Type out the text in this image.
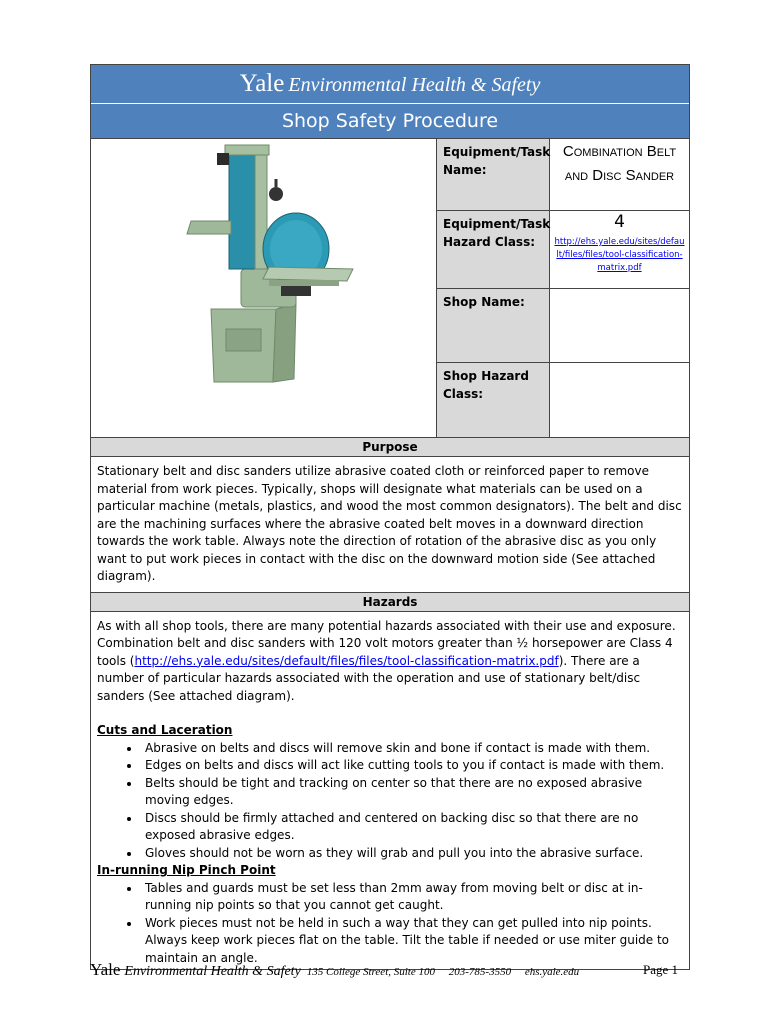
Yale Environmental Health & Safety
Shop Safety Procedure
Equipment/Task Name:
Equipment/Task Hazard Class:
Shop Name:
Shop Hazard Class:
Combination Belt and Disc Sander
4
http://ehs.yale.edu/sites/default/files/files/tool-classification-matrix.pdf
Purpose
Stationary belt and disc sanders utilize abrasive coated cloth or reinforced paper to remove material from work pieces. Typically, shops will designate what materials can be used on a particular machine (metals, plastics, and wood the most common designators). The belt and disc are the machining surfaces where the abrasive coated belt moves in a downward direction towards the work table. Always note the direction of rotation of the abrasive disc as you only want to put work pieces in contact with the disc on the downward motion side (See attached diagram).
Hazards
As with all shop tools, there are many potential hazards associated with their use and exposure. Combination belt and disc sanders with 120 volt motors greater than ½ horsepower are Class 4 tools (http://ehs.yale.edu/sites/default/files/files/tool-classification-matrix.pdf). There are a number of particular hazards associated with the operation and use of stationary belt/disc sanders (See attached diagram).
Cuts and Laceration
• Abrasive on belts and discs will remove skin and bone if contact is made with them.
• Edges on belts and discs will act like cutting tools to you if contact is made with them.
• Belts should be tight and tracking on center so that there are no exposed abrasive moving edges.
• Discs should be firmly attached and centered on backing disc so that there are no exposed abrasive edges.
• Gloves should not be worn as they will grab and pull you into the abrasive surface.
In-running Nip Pinch Point
• Tables and guards must be set less than 2mm away from moving belt or disc at in-running nip points so that you cannot get caught.
• Work pieces must not be held in such a way that they can get pulled into nip points. Always keep work pieces flat on the table. Tilt the table if needed or use miter guide to maintain an angle.
Yale Environmental Health & Safety 135 College Street, Suite 100     203-785-3550     ehs.yale.edu	Page 1
